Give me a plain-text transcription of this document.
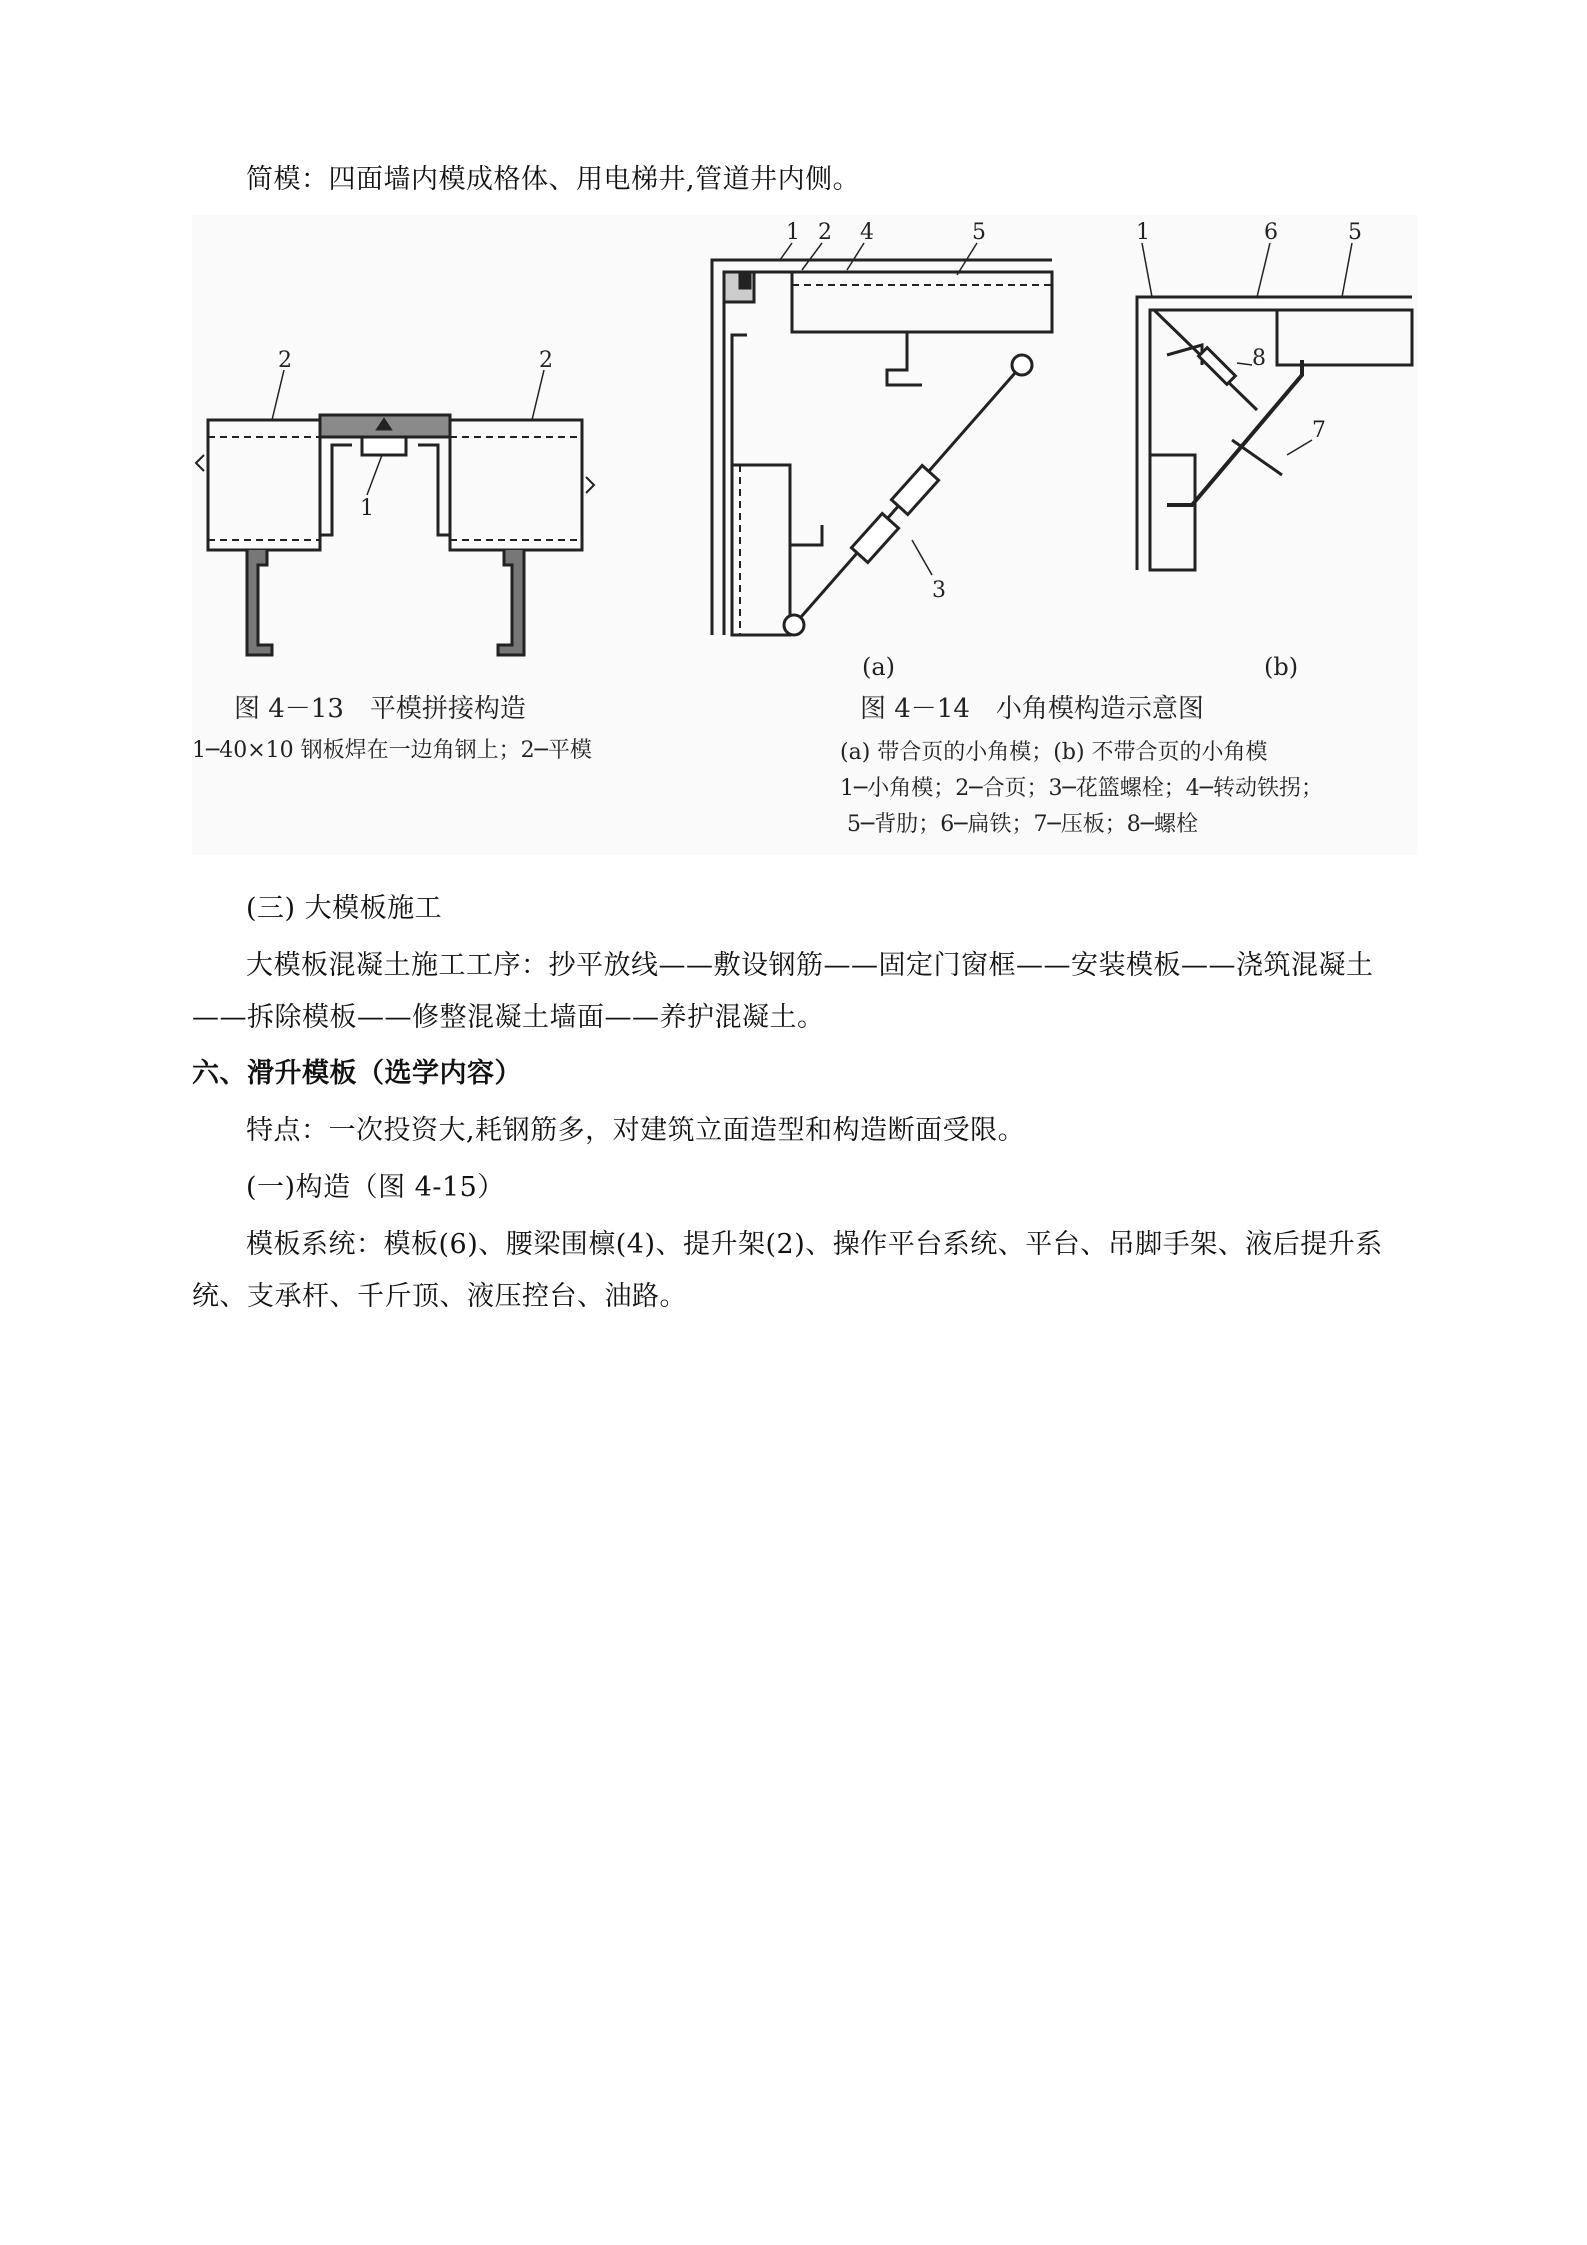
简模：四面墙内模成格体、用电梯井,管道井内侧。
2	2
1
图 4－13　平模拼接构造
1─40×10 钢板焊在一边角钢上；2─平模
1 2 4	5
3
(a)
1	6	5
8
7
(b)
图 4－14　小角模构造示意图
(a) 带合页的小角模；(b) 不带合页的小角模
1─小角模；2─合页；3─花篮螺栓；4─转动铁拐；
5─背肋；6─扁铁；7─压板；8─螺栓
(三) 大模板施工
大模板混凝土施工工序：抄平放线——敷设钢筋——固定门窗框——安装模板——浇筑混凝土——拆除模板——修整混凝土墙面——养护混凝土。
六、滑升模板（选学内容）
特点：一次投资大,耗钢筋多，对建筑立面造型和构造断面受限。
(一)构造（图 4-15）
模板系统：模板(6)、腰梁围檩(4)、提升架(2)、操作平台系统、平台、吊脚手架、液后提升系统、支承杆、千斤顶、液压控台、油路。
